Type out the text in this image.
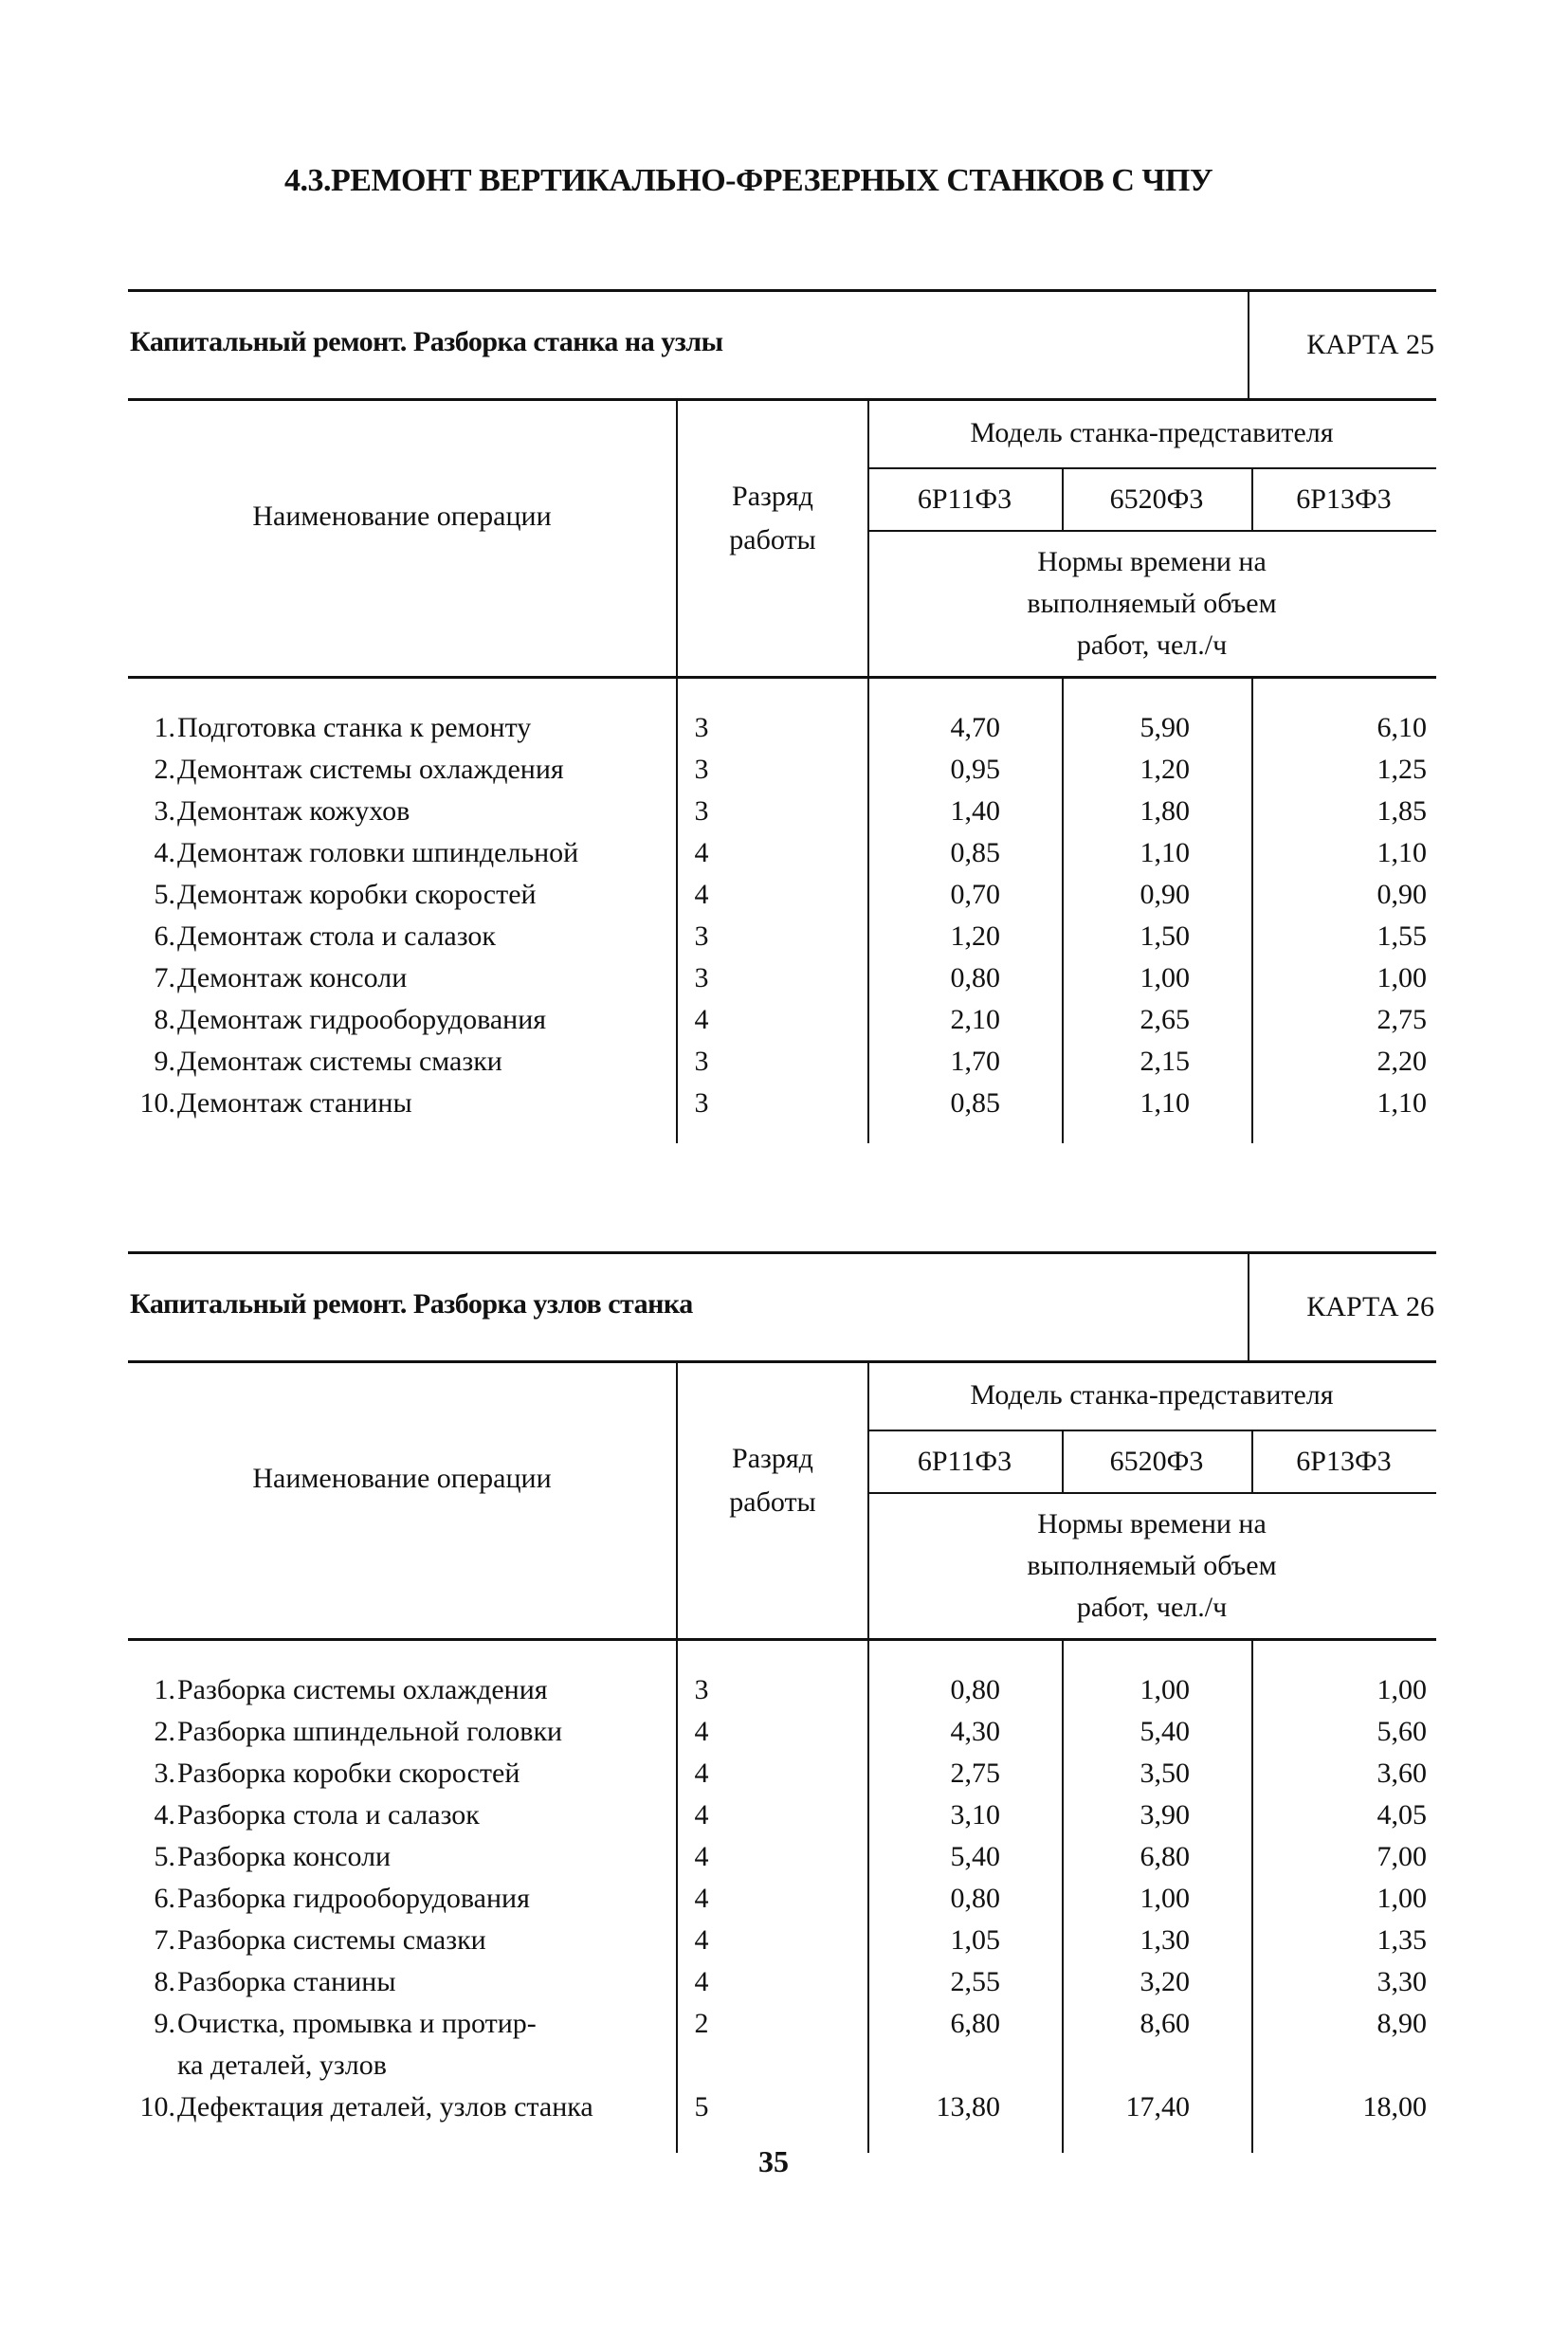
4.3.РЕМОНТ ВЕРТИКАЛЬНО-ФРЕЗЕРНЫХ СТАНКОВ С ЧПУ
Капитальный ремонт. Разборка станка на узлы	КАРТА 25
Наименование операции
Разряд работы
Модель станка-представителя
6Р11Ф3	6520Ф3	6Р13Ф3
Нормы времени на
выполняемый объем
работ, чел./ч
1. Подготовка станка к ремонту	3	4,70	5,90	6,10
2. Демонтаж системы охлаждения	3	0,95	1,20	1,25
3. Демонтаж кожухов	3	1,40	1,80	1,85
4. Демонтаж головки шпиндельной	4	0,85	1,10	1,10
5. Демонтаж коробки скоростей	4	0,70	0,90	0,90
6. Демонтаж стола и салазок	3	1,20	1,50	1,55
7. Демонтаж консоли	3	0,80	1,00	1,00
8. Демонтаж гидрооборудования	4	2,10	2,65	2,75
9. Демонтаж системы смазки	3	1,70	2,15	2,20
10. Демонтаж станины	3	0,85	1,10	1,10
Капитальный ремонт. Разборка узлов станка	КАРТА 26
Наименование операции
Разряд работы
Модель станка-представителя
6Р11Ф3	6520Ф3	6Р13Ф3
Нормы времени на
выполняемый объем
работ, чел./ч
1. Разборка системы охлаждения	3	0,80	1,00	1,00
2. Разборка шпиндельной головки	4	4,30	5,40	5,60
3. Разборка коробки скоростей	4	2,75	3,50	3,60
4. Разборка стола и салазок	4	3,10	3,90	4,05
5. Разборка консоли	4	5,40	6,80	7,00
6. Разборка гидрооборудования	4	0,80	1,00	1,00
7. Разборка системы смазки	4	1,05	1,30	1,35
8. Разборка станины	4	2,55	3,20	3,30
9. Очистка, промывка и протир-	2	6,80	8,60	8,90
ка деталей, узлов
10. Дефектация деталей, узлов станка	5	13,80	17,40	18,00
35
